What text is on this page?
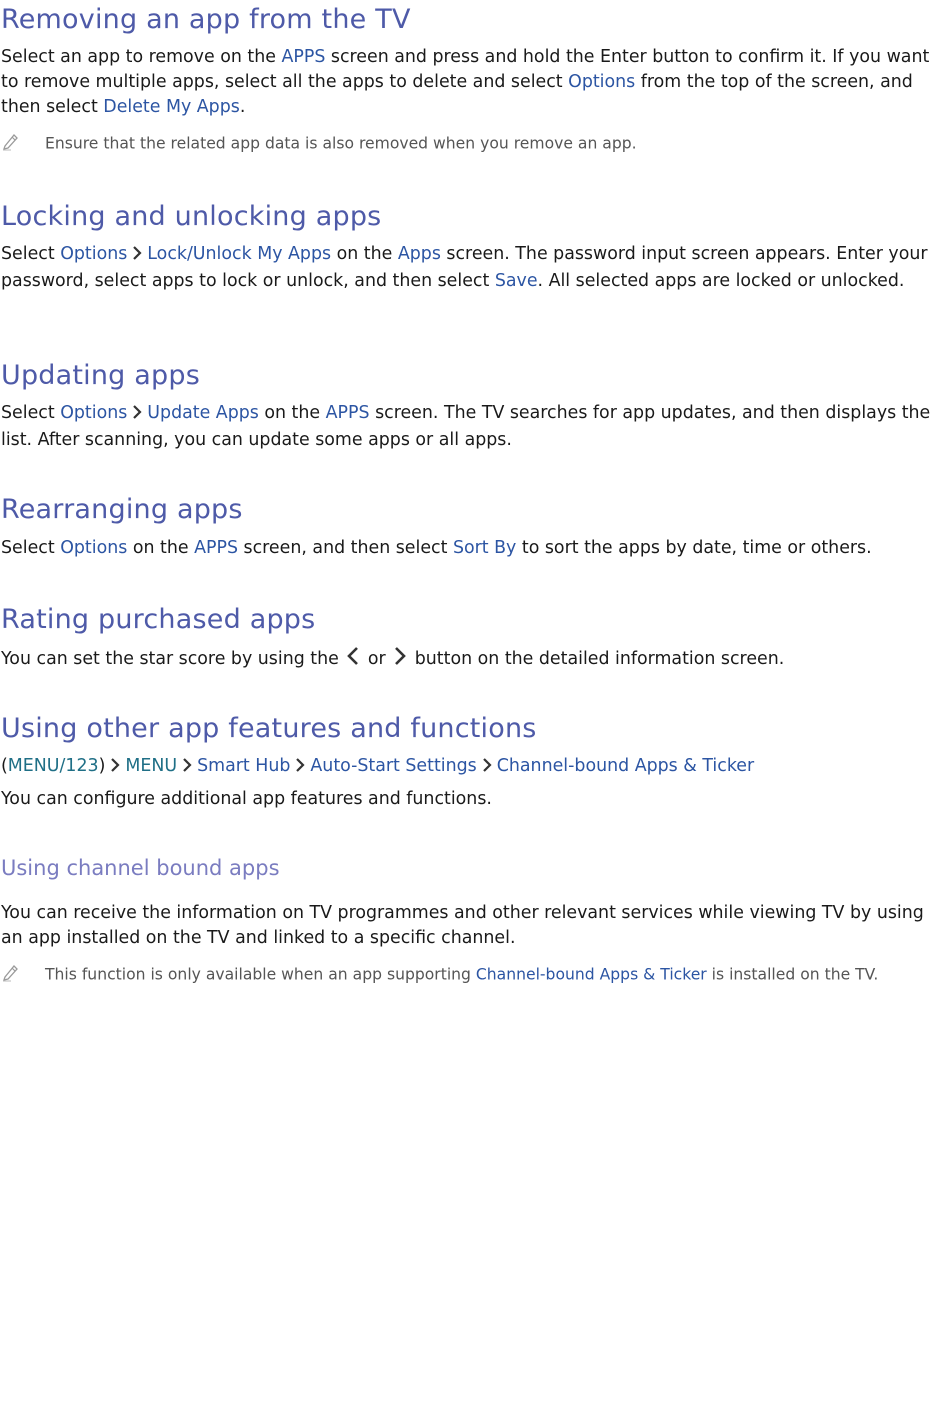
Removing an app from the TV

Select an app to remove on the APPS screen and press and hold the Enter button to confirm it. If you want to remove multiple apps, select all the apps to delete and select Options from the top of the screen, and then select Delete My Apps.

Ensure that the related app data is also removed when you remove an app.

Locking and unlocking apps

Select Options Lock/Unlock My Apps on the Apps screen. The password input screen appears. Enter your password, select apps to lock or unlock, and then select Save. All selected apps are locked or unlocked.

Updating apps

Select Options Update Apps on the APPS screen. The TV searches for app updates, and then displays the list. After scanning, you can update some apps or all apps.

Rearranging apps

Select Options on the APPS screen, and then select Sort By to sort the apps by date, time or others.

Rating purchased apps

You can set the star score by using the  or  button on the detailed information screen.

Using other app features and functions

(MENU/123) MENU Smart Hub Auto-Start Settings Channel-bound Apps & Ticker

You can configure additional app features and functions.

Using channel bound apps

You can receive the information on TV programmes and other relevant services while viewing TV by using an app installed on the TV and linked to a specific channel.

This function is only available when an app supporting Channel-bound Apps & Ticker is installed on the TV.
